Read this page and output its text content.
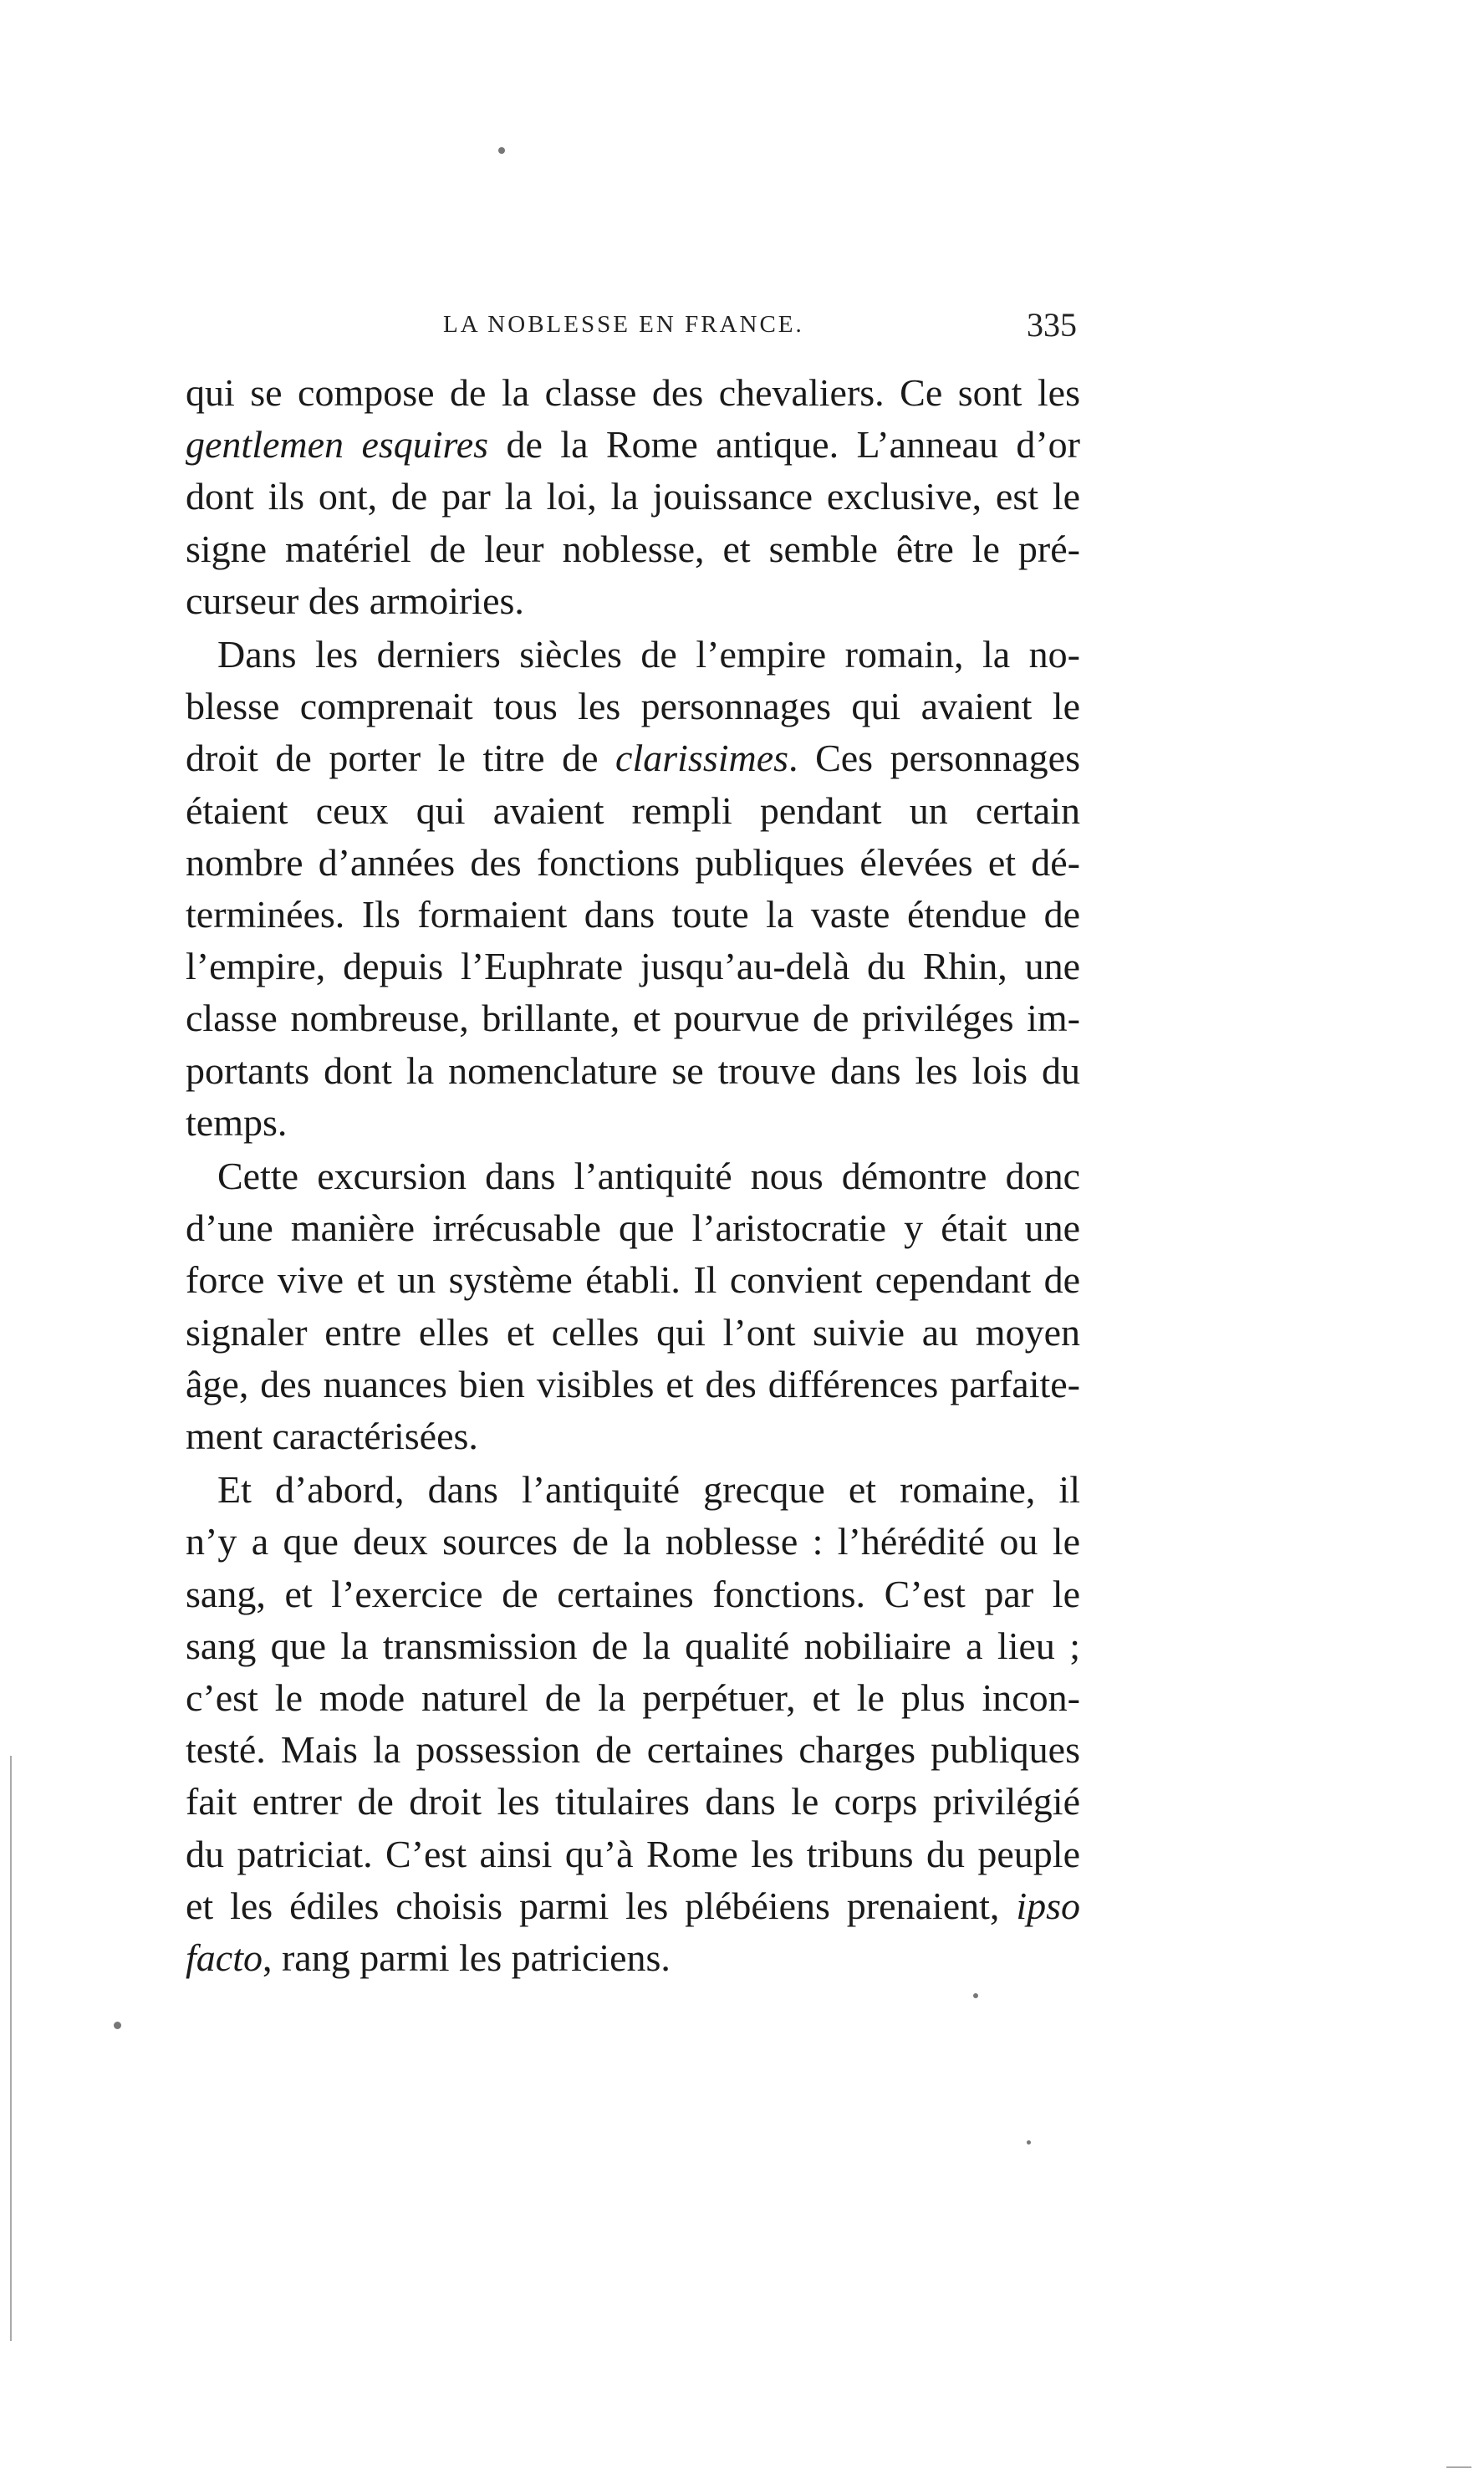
LA NOBLESSE EN FRANCE.	335
qui se compose de la classe des chevaliers. Ce sont les
gentlemen esquires de la Rome antique. L’anneau d’or
dont ils ont, de par la loi, la jouissance exclusive, est le
signe matériel de leur noblesse, et semble être le pré-
curseur des armoiries.
Dans les derniers siècles de l’empire romain, la no-
blesse comprenait tous les personnages qui avaient le
droit de porter le titre de clarissimes. Ces personnages
étaient ceux qui avaient rempli pendant un certain
nombre d’années des fonctions publiques élevées et dé-
terminées. Ils formaient dans toute la vaste étendue de
l’empire, depuis l’Euphrate jusqu’au-delà du Rhin, une
classe nombreuse, brillante, et pourvue de priviléges im-
portants dont la nomenclature se trouve dans les lois du
temps.
Cette excursion dans l’antiquité nous démontre donc
d’une manière irrécusable que l’aristocratie y était une
force vive et un système établi. Il convient cependant de
signaler entre elles et celles qui l’ont suivie au moyen
âge, des nuances bien visibles et des différences parfaite-
ment caractérisées.
Et d’abord, dans l’antiquité grecque et romaine, il
n’y a que deux sources de la noblesse : l’hérédité ou le
sang, et l’exercice de certaines fonctions. C’est par le
sang que la transmission de la qualité nobiliaire a lieu ;
c’est le mode naturel de la perpétuer, et le plus incon-
testé. Mais la possession de certaines charges publiques
fait entrer de droit les titulaires dans le corps privilégié
du patriciat. C’est ainsi qu’à Rome les tribuns du peuple
et les édiles choisis parmi les plébéiens prenaient, ipso
facto, rang parmi les patriciens.
